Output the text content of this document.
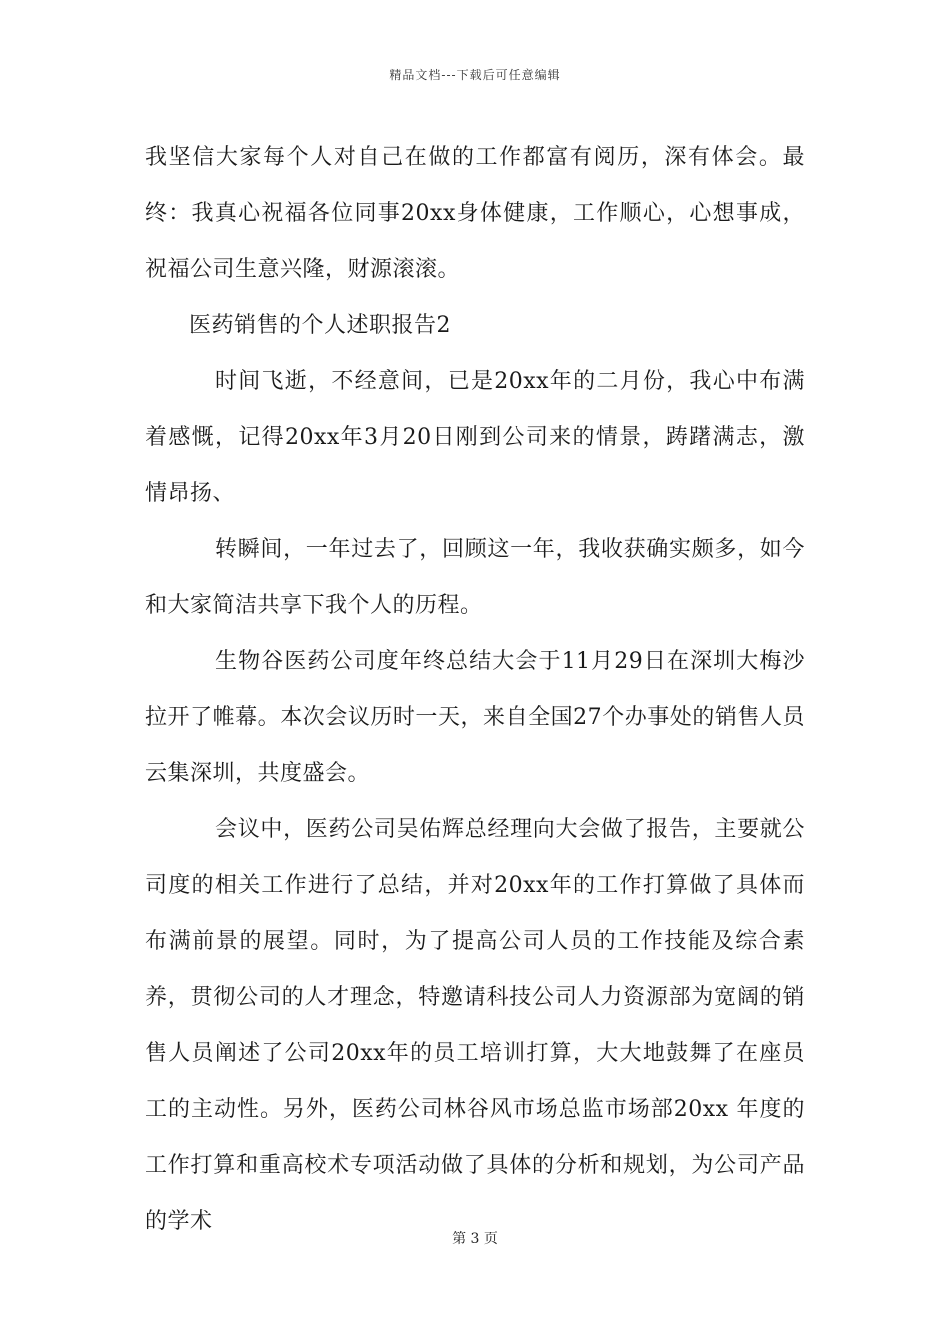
精品文档---下载后可任意编辑

我坚信大家每个人对自己在做的工作都富有阅历，深有体会。最终：我真心祝福各位同事20xx身体健康，工作顺心，心想事成，祝福公司生意兴隆，财源滚滚。

医药销售的个人述职报告2

时间飞逝，不经意间，已是20xx年的二月份，我心中布满着感慨，记得20xx年3月20日刚到公司来的情景，踌躇满志，激情昂扬、

转瞬间，一年过去了，回顾这一年，我收获确实颇多，如今和大家简洁共享下我个人的历程。

生物谷医药公司度年终总结大会于11月29日在深圳大梅沙拉开了帷幕。本次会议历时一天，来自全国27个办事处的销售人员云集深圳，共度盛会。

会议中，医药公司吴佑辉总经理向大会做了报告，主要就公司度的相关工作进行了总结，并对20xx年的工作打算做了具体而布满前景的展望。同时，为了提高公司人员的工作技能及综合素养，贯彻公司的人才理念，特邀请科技公司人力资源部为宽阔的销售人员阐述了公司20xx年的员工培训打算，大大地鼓舞了在座员工的主动性。另外，医药公司林谷风市场总监市场部20xx 年度的工作打算和重高校术专项活动做了具体的分析和规划，为公司产品的学术

第 3 页
